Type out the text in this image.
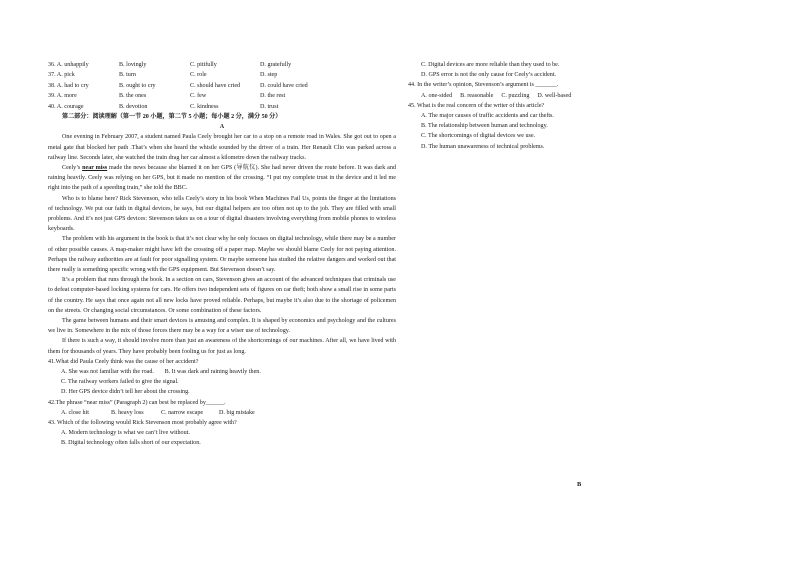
36. A. unhappily	B. lovingly	C. pitifully	D. gratefully
37. A. pick	B. turn	C. role	D. step
38. A. had to cry	B. ought to cry	C. should have cried	D. could have cried
39. A. more	B. the ones	C. few	D. the rest
40. A. courage	B. devotion	C. kindness	D. trust
第二部分：阅读理解（第一节 20 小题，第二节 5 小题；每小题 2 分，满分 50 分）
A

One evening in February 2007, a student named Paula Ceely brought her car to a stop on a remote road in Wales. She got out to open a metal gate that blocked her path .That’s when she heard the whistle sounded by the driver of a train. Her Renault Clio was parked across a railway line. Seconds later, she watched the train drag her car almost a kilometre down the railway tracks.

Ceely’s near miss made the news because she blamed it on her GPS (导航仪). She had never driven the route before. It was dark and raining heavily. Ceely was relying on her GPS, but it made no mention of the crossing. “I put my complete trust in the device and it led me right into the path of a speeding train,” she told the BBC.

Who is to blame here? Rick Stevenson, who tells Ceely’s story in his book When Machines Fail Us, points the finger at the limitations of technology. We put our faith in digital devices, he says, but our digital helpers are too often not up to the job. They are filled with small problems. And it’s not just GPS devices: Stevenson takes us on a tour of digital disasters involving everything from mobile phones to wireless keyboards.

The problem with his argument in the book is that it’s not clear why he only focuses on digital technology, while there may be a number of other possible causes. A map-maker might have left the crossing off a paper map. Maybe we should blame Ceely for not paying attention. Perhaps the railway authorities are at fault for poor signalling system. Or maybe someone has studied the relative dangers and worked out that there really is something specific wrong with the GPS equipment. But Stevenson doesn’t say.

It’s a problem that runs through the book. In a section on cars, Stevenson gives an account of the advanced techniques that criminals use to defeat computer-based locking systems for cars. He offers two independent sets of figures on car theft; both show a small rise in some parts of the country. He says that once again not all new locks have proved reliable. Perhaps, but maybe it’s also due to the shortage of policemen on the streets. Or changing social circumstances. Or some combination of these factors.

The game between humans and their smart devices is amusing and complex. It is shaped by economics and psychology and the cultures we live in. Somewhere in the mix of those forces there may be a way for a wiser use of technology.

If there is such a way, it should involve more than just an awareness of the shortcomings of our machines. After all, we have lived with them for thousands of years. They have probably been fooling us for just as long.

41.What did Paula Ceely think was the cause of her accident?
A. She was not familiar with the road.       B. It was dark and raining heavily then.
C. The railway workers failed to give the signal.
D. Her GPS device didn’t tell her about the crossing.
42.The phrase “near miss” (Paragraph 2) can best be replaced by______.
A. close hit	B. heavy loss	C. narrow escape	D. big mistake
43. Which of the following would Rick Stevenson most probably agree with?
A. Modern technology is what we can’t live without.
B. Digital technology often falls short of our expectation.
C. Digital devices are more reliable than they used to be.
D. GPS error is not the only cause for Ceely’s accident.
44. In the writer’s opinion, Stevenson’s argument is _______.
A. one-sided B. reasonable C. puzzling D. well-based
45. What is the real concern of the writer of this article?
A. The major causes of traffic accidents and car thefts.
B. The relationship between human and technology.
C. The shortcomings of digital devices we use.
D. The human unawareness of technical problems.
B
